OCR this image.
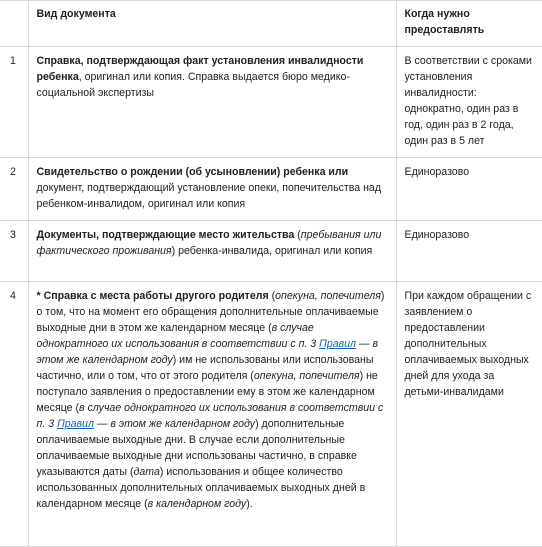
	Вид документа	Когда нужно предоставлять
1	Справка, подтверждающая факт установления инвалидности ребенка, оригинал или копия. Справка выдается бюро медико-социальной экспертизы	В соответствии с сроками установления инвалидности: однократно, один раз в год, один раз в 2 года, один раз в 5 лет
2	Свидетельство о рождении (об усыновлении) ребенка или документ, подтверждающий установление опеки, попечительства над ребенком-инвалидом, оригинал или копия	Единоразово
3	Документы, подтверждающие место жительства (пребывания или фактического проживания) ребенка-инвалида, оригинал или копия	Единоразово
4	* Справка с места работы другого родителя (опекуна, попечителя) о том, что на момент его обращения дополнительные оплачиваемые выходные дни в этом же календарном месяце (в случае однократного их использования в соответствии с п. 3 Правил — в этом же календарном году) им не использованы или использованы частично, или о том, что от этого родителя (опекуна, попечителя) не поступало заявления о предоставлении ему в этом же календарном месяце (в случае однократного их использования в соответствии с п. 3 Правил — в этом же календарном году) дополнительные оплачиваемые выходные дни. В случае если дополнительные оплачиваемые выходные дни использованы частично, в справке указываются даты (дата) использования и общее количество использованных дополнительных оплачиваемых выходных дней в календарном месяце (в календарном году).	При каждом обращении с заявлением о предоставлении дополнительных оплачиваемых выходных дней для ухода за детьми-инвалидами
